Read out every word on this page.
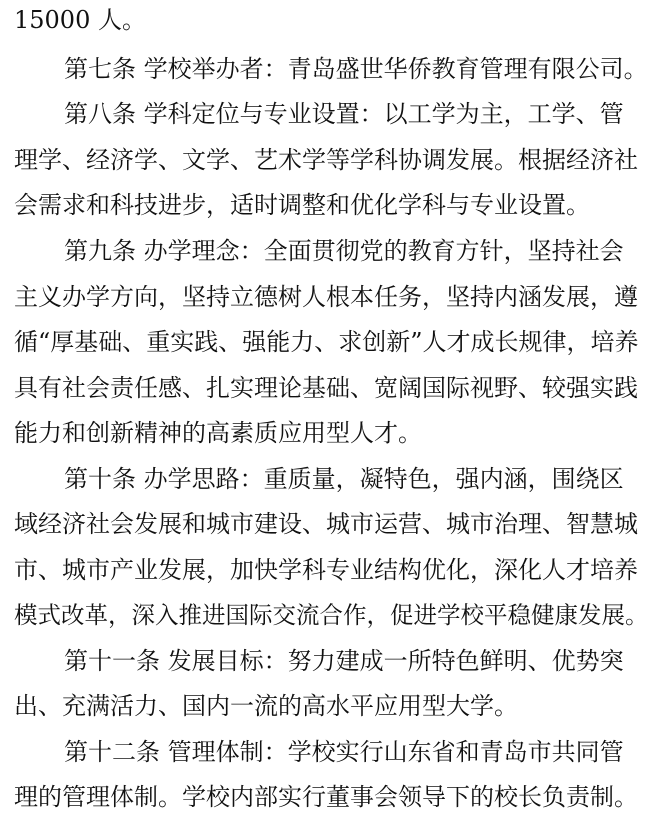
15000 人。
第七条 学校举办者：青岛盛世华侨教育管理有限公司。
第八条 学科定位与专业设置：以工学为主，工学、管
理学、经济学、文学、艺术学等学科协调发展。根据经济社
会需求和科技进步，适时调整和优化学科与专业设置。
第九条 办学理念：全面贯彻党的教育方针，坚持社会
主义办学方向，坚持立德树人根本任务，坚持内涵发展，遵
循“厚基础、重实践、强能力、求创新”人才成长规律，培养
具有社会责任感、扎实理论基础、宽阔国际视野、较强实践
能力和创新精神的高素质应用型人才。
第十条 办学思路：重质量，凝特色，强内涵，围绕区
域经济社会发展和城市建设、城市运营、城市治理、智慧城
市、城市产业发展，加快学科专业结构优化，深化人才培养
模式改革，深入推进国际交流合作，促进学校平稳健康发展。
第十一条 发展目标：努力建成一所特色鲜明、优势突
出、充满活力、国内一流的高水平应用型大学。
第十二条 管理体制：学校实行山东省和青岛市共同管
理的管理体制。学校内部实行董事会领导下的校长负责制。
